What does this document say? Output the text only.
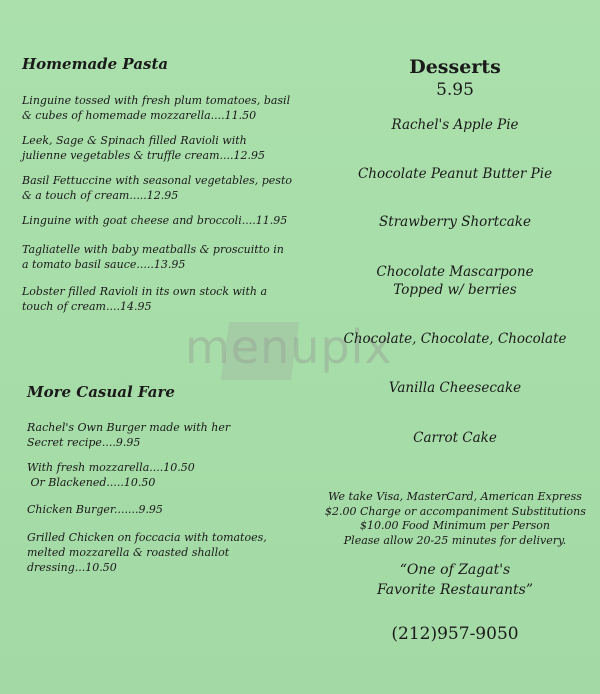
menupix
Homemade Pasta
Linguine tossed with fresh plum tomatoes, basil
& cubes of homemade mozzarella....11.50
Leek, Sage & Spinach filled Ravioli with
julienne vegetables & truffle cream....12.95
Basil Fettuccine with seasonal vegetables, pesto
& a touch of cream.....12.95
Linguine with goat cheese and broccoli....11.95
Tagliatelle with baby meatballs & proscuitto in
a tomato basil sauce.....13.95
Lobster filled Ravioli in its own stock with a
touch of cream....14.95
More Casual Fare
Rachel's Own Burger made with her
Secret recipe....9.95
With fresh mozzarella....10.50
Or Blackened.....10.50
Chicken Burger.......9.95
Grilled Chicken on foccacia with tomatoes,
melted mozzarella & roasted shallot
dressing...10.50
Desserts
5.95
Rachel's Apple Pie
Chocolate Peanut Butter Pie
Strawberry Shortcake
Chocolate Mascarpone
Topped w/ berries
Chocolate, Chocolate, Chocolate
Vanilla Cheesecake
Carrot Cake
We take Visa, MasterCard, American Express
$2.00 Charge or accompaniment Substitutions
$10.00 Food Minimum per Person
Please allow 20-25 minutes for delivery.
“One of Zagat's
Favorite Restaurants”
(212)957-9050
